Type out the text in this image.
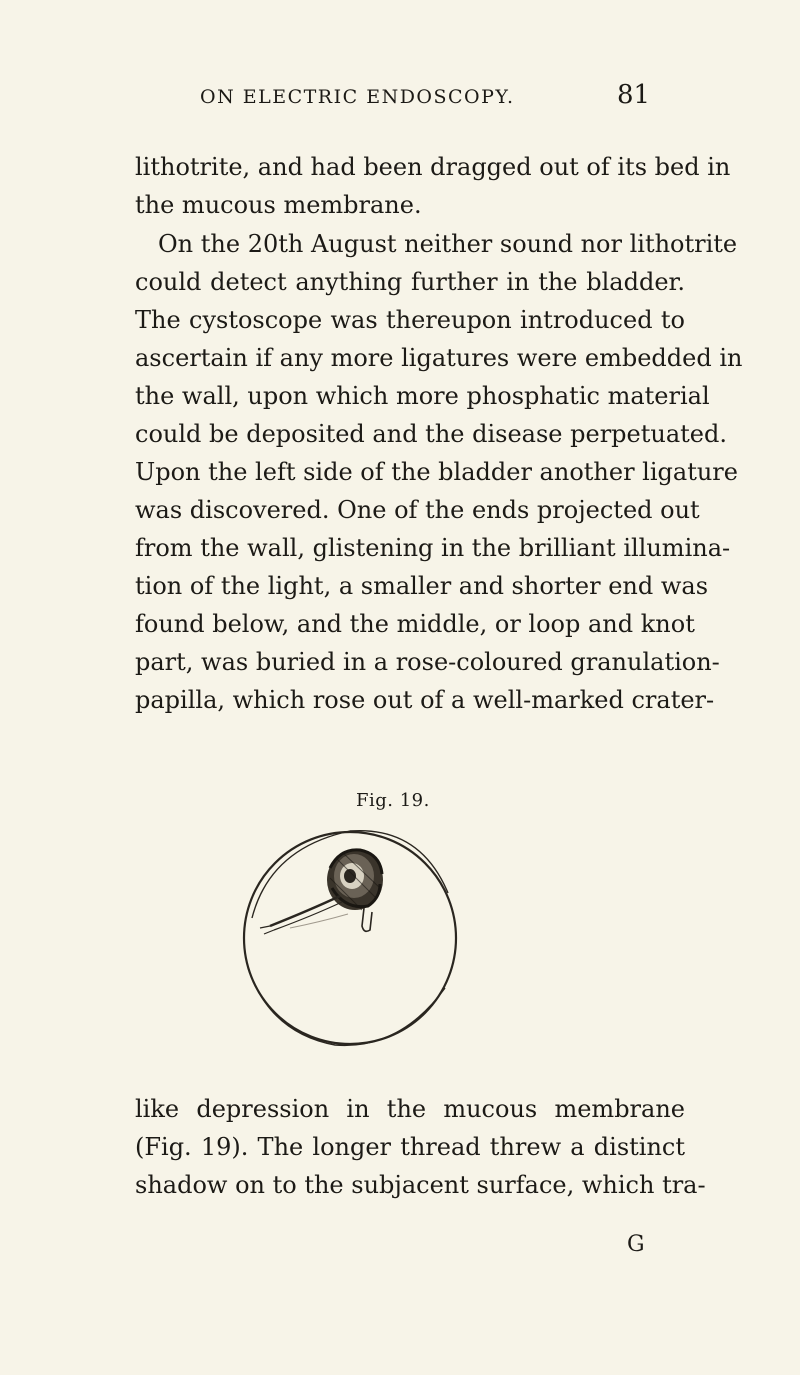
ON ELECTRIC ENDOSCOPY.	81
lithotrite, and had been dragged out of its bed in
the mucous membrane.
On the 20th August neither sound nor lithotrite
could detect anything further in the bladder.
The cystoscope was thereupon introduced to
ascertain if any more ligatures were embedded in
the wall, upon which more phosphatic material
could be deposited and the disease perpetuated.
Upon the left side of the bladder another ligature
was discovered. One of the ends projected out
from the wall, glistening in the brilliant illumina-
tion of the light, a smaller and shorter end was
found below, and the middle, or loop and knot
part, was buried in a rose-coloured granulation-
papilla, which rose out of a well-marked crater-
Fig. 19.
like depression in the mucous membrane
(Fig. 19). The longer thread threw a distinct
shadow on to the subjacent surface, which tra-
G
